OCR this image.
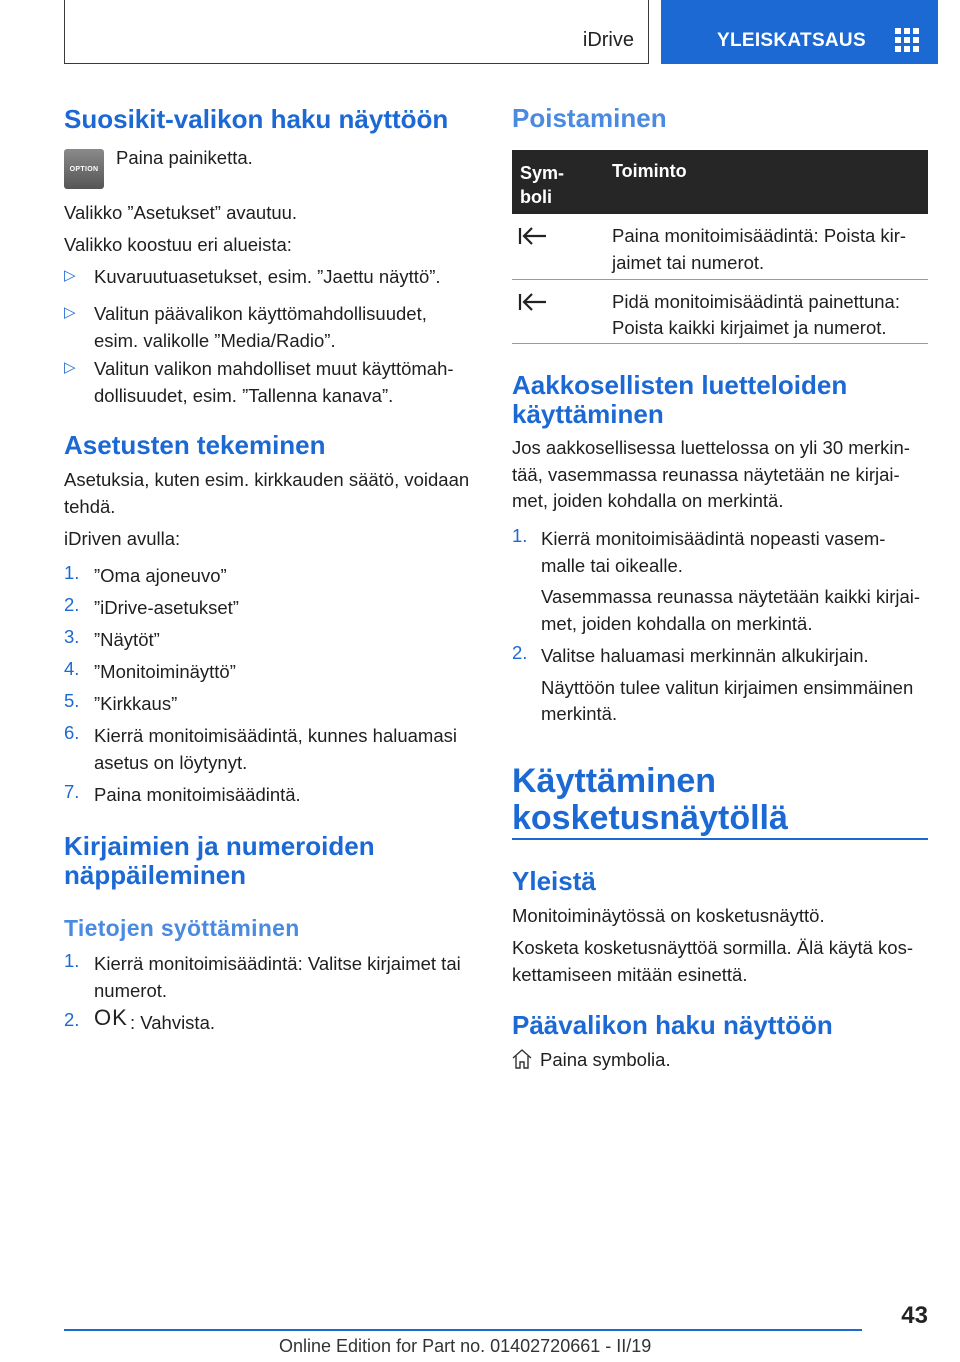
iDrive	YLEISKATSAUS
Suosikit-valikon haku näyttöön
OPTION

Paina painiketta.

Valikko ”Asetukset” avautuu.

Valikko koostuu eri alueista:

▷ Kuvaruutuasetukset, esim. ”Jaettu näyttö”.

▷ Valitun päävalikon käyttömahdollisuudet,

esim. valikolle ”Media/Radio”.

▷ Valitun valikon mahdolliset muut käyttömah-

dollisuudet, esim. ”Tallenna kanava”.

Asetusten tekeminen

Asetuksia, kuten esim. kirkkauden säätö, voidaan

tehdä.

iDriven avulla:

1. ”Oma ajoneuvo”

2. ”iDrive-asetukset”

3. ”Näytöt”

4. ”Monitoiminäyttö”

5. ”Kirkkaus”

6. Kierrä monitoimisäädintä, kunnes haluamasi

asetus on löytynyt.

7. Paina monitoimisäädintä.

Kirjaimien ja numeroiden
näppäileminen
Tietojen syöttäminen
1. Kierrä monitoimisäädintä: Valitse kirjaimet tai

numerot.

2. OK : Vahvista.

Poistaminen
Sym-
boli
Toiminto

Paina monitoimisäädintä: Poista kir-

jaimet tai numerot.

Pidä monitoimisäädintä painettuna:

Poista kaikki kirjaimet ja numerot.

Aakkosellisten luetteloiden
käyttäminen

Jos aakkosellisessa luettelossa on yli 30 merkin-

tää, vasemmassa reunassa näytetään ne kirjai-

met, joiden kohdalla on merkintä.

1. Kierrä monitoimisäädintä nopeasti vasem-

malle tai oikealle.

Vasemmassa reunassa näytetään kaikki kirjai-

met, joiden kohdalla on merkintä.

2. Valitse haluamasi merkinnän alkukirjain.

Näyttöön tulee valitun kirjaimen ensimmäinen

merkintä.

Käyttäminen
kosketusnäytöllä
Yleistä

Monitoiminäytössä on kosketusnäyttö.

Kosketa kosketusnäyttöä sormilla. Älä käytä kos-

kettamiseen mitään esinettä.

Päävalikon haku näyttöön

Paina symbolia.

43
Online Edition for Part no. 01402720661 - II/19
